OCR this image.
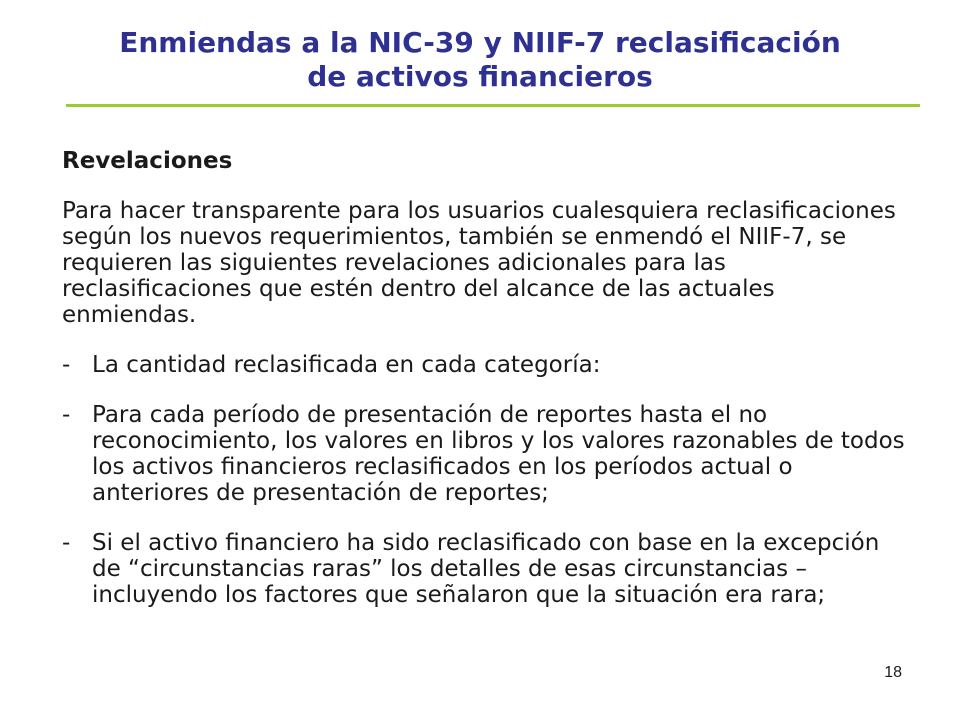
Enmiendas a la NIC-39 y NIIF-7 reclasificación
de activos financieros
Revelaciones
Para hacer transparente para los usuarios cualesquiera reclasificaciones según los nuevos requerimientos, también se enmendó el NIIF-7, se requieren las siguientes revelaciones adicionales para las reclasificaciones que estén dentro del alcance de las actuales enmiendas.
- La cantidad reclasificada en cada categoría:
- Para cada período de presentación de reportes hasta el no reconocimiento, los valores en libros y los valores razonables de todos los activos financieros reclasificados en los períodos actual o anteriores de presentación de reportes;
- Si el activo financiero ha sido reclasificado con base en la excepción de “circunstancias raras” los detalles de esas circunstancias – incluyendo los factores que señalaron que la situación era rara;
18
